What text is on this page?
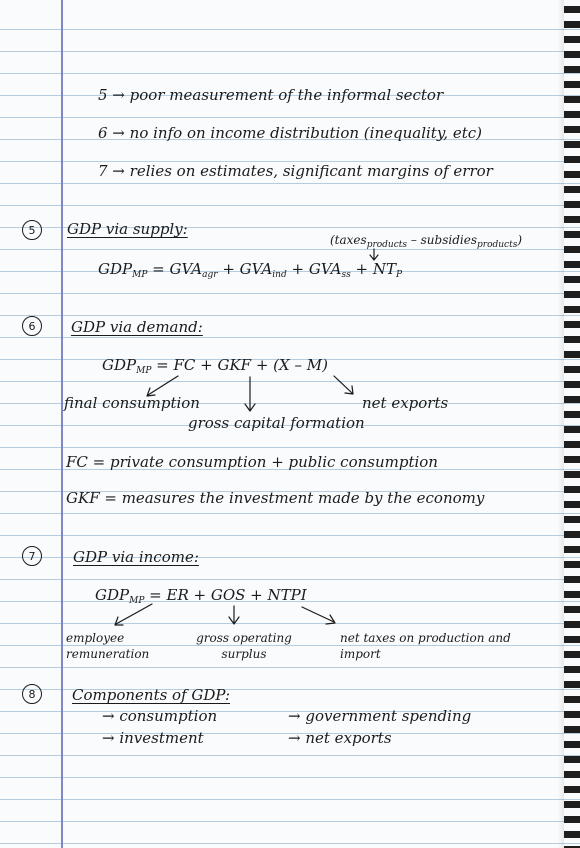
5 → poor measurement of the informal sector
6 → no info on income distribution (inequality, etc)
7 → relies on estimates, significant margins of error
5	GDP via supply:
(taxes$_{products}$ – subsidies$_{products}$)
$GDP_{MP} = GVA_{agr} + GVA_{ind} + GVA_{ss} + NT_P$
6	GDP via demand:
$GDP_{MP}$ = FC + GKF + (X – M)
final consumption
gross capital formation
net exports
FC = private consumption + public consumption
GKF = measures the investment made by the economy
7	GDP via income:
$GDP_{MP}$ = ER + GOS + NTPI
employee remuneration
gross operating surplus
net taxes on production and import
8	Components of GDP:
→ consumption
→ investment
→ government spending
→ net exports
